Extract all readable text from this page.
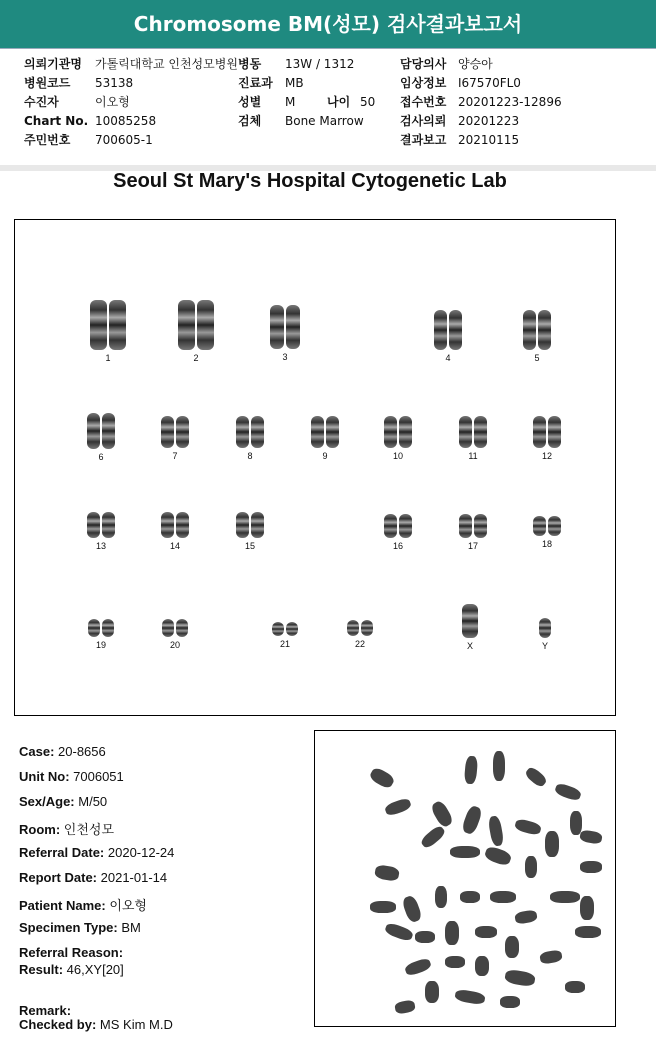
Chromosome BM(성모) 검사결과보고서
의뢰기관명 가톨릭대학교 인천성모병원
병원코드 53138
수진자	이오형
Chart No. 10085258
주민번호 700605-1
병동 13W / 1312
진료과 MB
성별 M	나이 50
검체 Bone Marrow
담당의사 양승아
임상정보 I67570FL0
접수번호 20201223-12896
검사의뢰 20201223
결과보고 20210115
Seoul St Mary's Hospital Cytogenetic Lab
1	2	3	4	5
6	7	8	9	10	11	12
13	14	15	16	17	18
19	20	21	22	X	Y
Case: 20-8656
Unit No: 7006051
Sex/Age: M/50
Room: 인천성모
Referral Date: 2020-12-24
Report Date: 2021-01-14
Patient Name: 이오형
Specimen Type: BM
Referral Reason:
Result: 46,XY[20]
Remark:
Checked by: MS Kim M.D
